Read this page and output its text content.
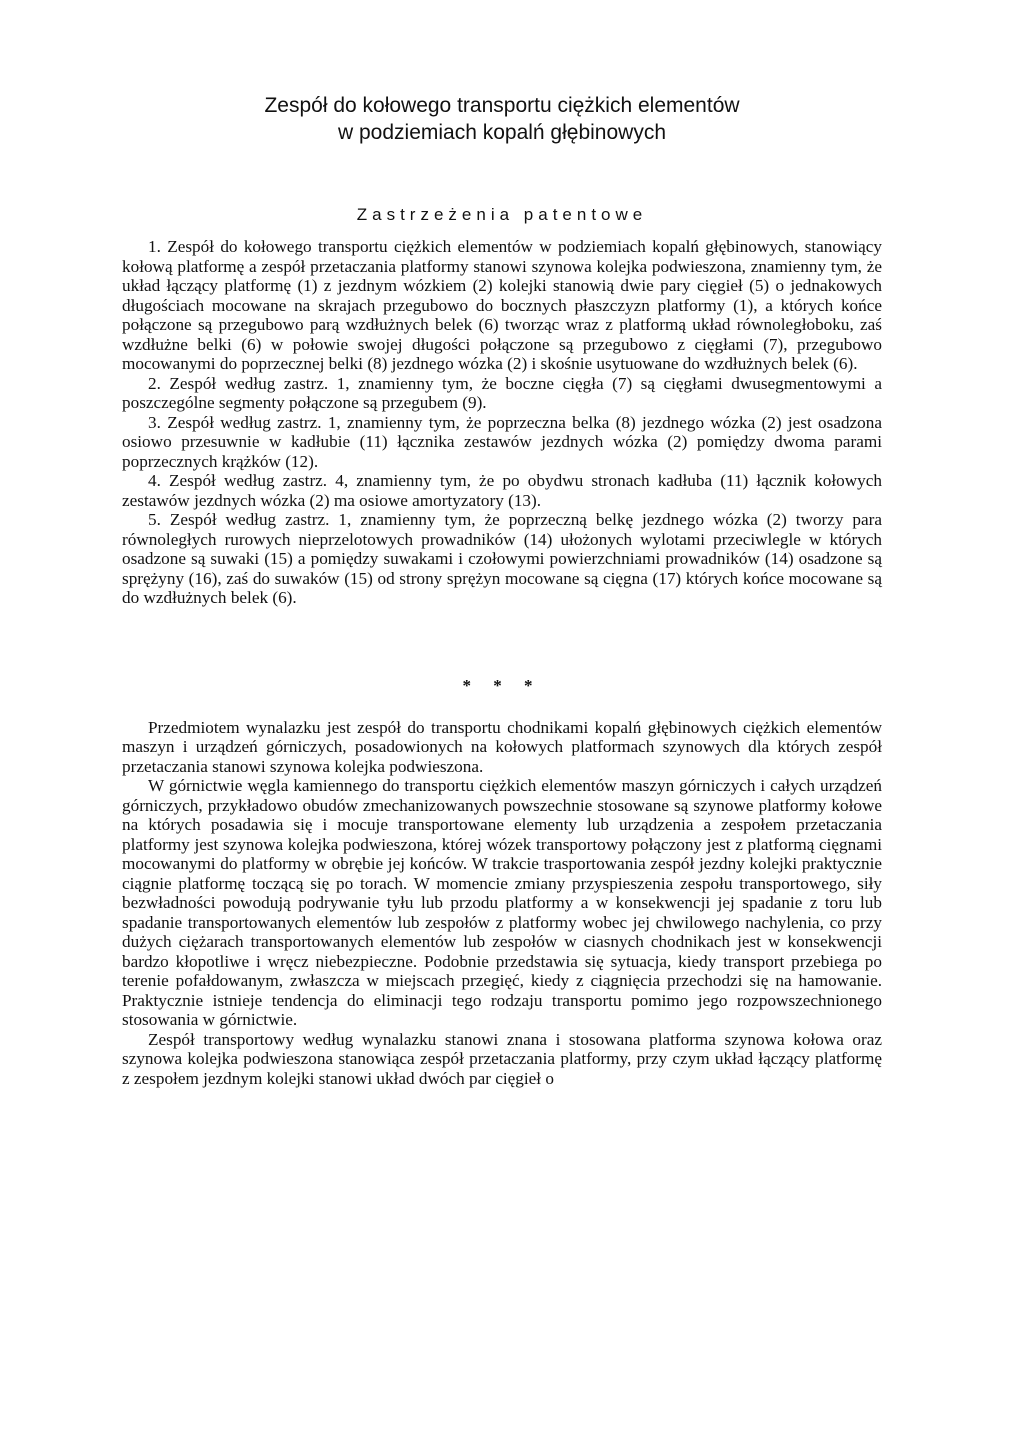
Zespół do kołowego transportu ciężkich elementów
w podziemiach kopalń głębinowych
Zastrzeżenia patentowe

1. Zespół do kołowego transportu ciężkich elementów w podziemiach kopalń głębinowych, stanowiący kołową platformę a zespół przetaczania platformy stanowi szynowa kolejka podwieszona, znamienny tym, że układ łączący platformę (1) z jezdnym wózkiem (2) kolejki stanowią dwie pary cięgieł (5) o jednakowych długościach mocowane na skrajach przegubowo do bocznych płaszczyzn platformy (1), a których końce połączone są przegubowo parą wzdłużnych belek (6) tworząc wraz z platformą układ równoległoboku, zaś wzdłużne belki (6) w połowie swojej długości połączone są przegubowo z cięgłami (7), przegubowo mocowanymi do poprzecznej belki (8) jezdnego wózka (2) i skośnie usytuowane do wzdłużnych belek (6).

2. Zespół według zastrz. 1, znamienny tym, że boczne cięgła (7) są cięgłami dwusegmentowymi a poszczególne segmenty połączone są przegubem (9).

3. Zespół według zastrz. 1, znamienny tym, że poprzeczna belka (8) jezdnego wózka (2) jest osadzona osiowo przesuwnie w kadłubie (11) łącznika zestawów jezdnych wózka (2) pomiędzy dwoma parami poprzecznych krążków (12).

4. Zespół według zastrz. 4, znamienny tym, że po obydwu stronach kadłuba (11) łącznik kołowych zestawów jezdnych wózka (2) ma osiowe amortyzatory (13).

5. Zespół według zastrz. 1, znamienny tym, że poprzeczną belkę jezdnego wózka (2) tworzy para równoległych rurowych nieprzelotowych prowadników (14) ułożonych wylotami przeciwlegle w których osadzone są suwaki (15) a pomiędzy suwakami i czołowymi powierzchniami prowadników (14) osadzone są sprężyny (16), zaś do suwaków (15) od strony sprężyn mocowane są cięgna (17) których końce mocowane są do wzdłużnych belek (6).

* * *

Przedmiotem wynalazku jest zespół do transportu chodnikami kopalń głębinowych ciężkich elementów maszyn i urządzeń górniczych, posadowionych na kołowych platformach szynowych dla których zespół przetaczania stanowi szynowa kolejka podwieszona.

W górnictwie węgla kamiennego do transportu ciężkich elementów maszyn górniczych i całych urządzeń górniczych, przykładowo obudów zmechanizowanych powszechnie stosowane są szynowe platformy kołowe na których posadawia się i mocuje transportowane elementy lub urządzenia a zespołem przetaczania platformy jest szynowa kolejka podwieszona, której wózek transportowy połączony jest z platformą cięgnami mocowanymi do platformy w obrębie jej końców. W trakcie trasportowania zespół jezdny kolejki praktycznie ciągnie platformę toczącą się po torach. W momencie zmiany przyspieszenia zespołu transportowego, siły bezwładności powodują podrywanie tyłu lub przodu platformy a w konsekwencji jej spadanie z toru lub spadanie transportowanych elementów lub zespołów z platformy wobec jej chwilowego nachylenia, co przy dużych ciężarach transportowanych elementów lub zespołów w ciasnych chodnikach jest w konsekwencji bardzo kłopotliwe i wręcz niebezpieczne. Podobnie przedstawia się sytuacja, kiedy transport przebiega po terenie pofałdowanym, zwłaszcza w miejscach przegięć, kiedy z ciągnięcia przechodzi się na hamowanie. Praktycznie istnieje tendencja do eliminacji tego rodzaju transportu pomimo jego rozpowszechnionego stosowania w górnictwie.

Zespół transportowy według wynalazku stanowi znana i stosowana platforma szynowa kołowa oraz szynowa kolejka podwieszona stanowiąca zespół przetaczania platformy, przy czym układ łączący platformę z zespołem jezdnym kolejki stanowi układ dwóch par cięgieł o
